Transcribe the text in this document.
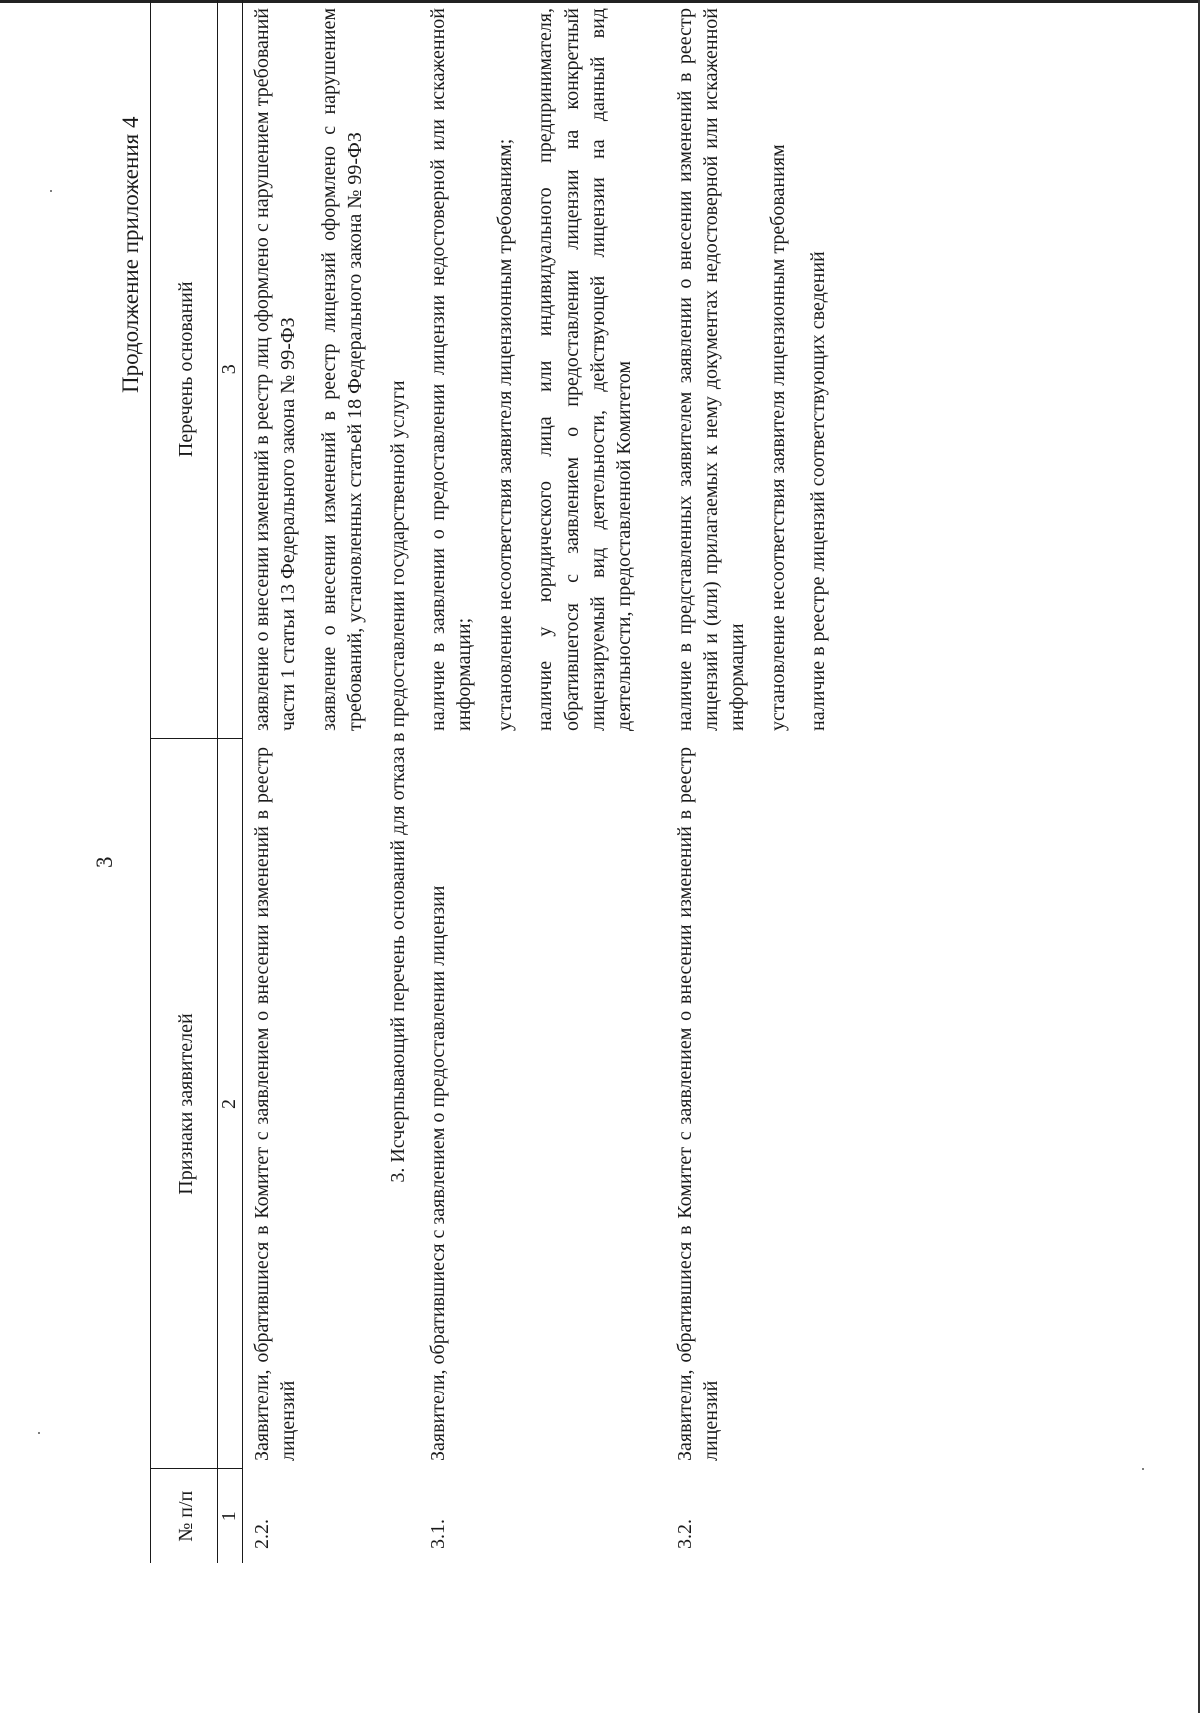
3
Продолжение приложения 4
№ п/п	Признаки заявителей	Перечень оснований
1	2	3
2.2.	Заявители, обратившиеся в Комитет с заявлением о внесении изменений в реестр лицензий	заявление о внесении изменений в реестр лиц оформлено с нарушением требований части 1 статьи 13 Федерального закона № 99-ФЗ заявление о внесении изменений в реестр лицензий оформлено с нарушением требований, установленных статьей 18 Федерального закона № 99-ФЗ

3. Исчерпывающий перечень оснований для отказа в предоставлении государственной услуги		
3.1.	Заявители, обратившиеся с заявлением о предоставлении лицензии	наличие в заявлении о предоставлении лицензии недостоверной или искаженной информации; установление несоответствия заявителя лицензионным требованиям; наличие у юридического лица или индивидуального предпринимателя, обратившегося с заявлением о предоставлении лицензии на конкретный лицензируемый вид деятельности, действующей лицензии на данный вид деятельности, предоставленной Комитетом

3.2.	Заявители, обратившиеся в Комитет с заявлением о внесении изменений в реестр лицензий	наличие в представленных заявителем заявлении о внесении изменений в реестр лицензий и (или) прилагаемых к нему документах недостоверной или искаженной информации установление несоответствия заявителя лицензионным требованиям наличие в реестре лицензий соответствующих сведений
